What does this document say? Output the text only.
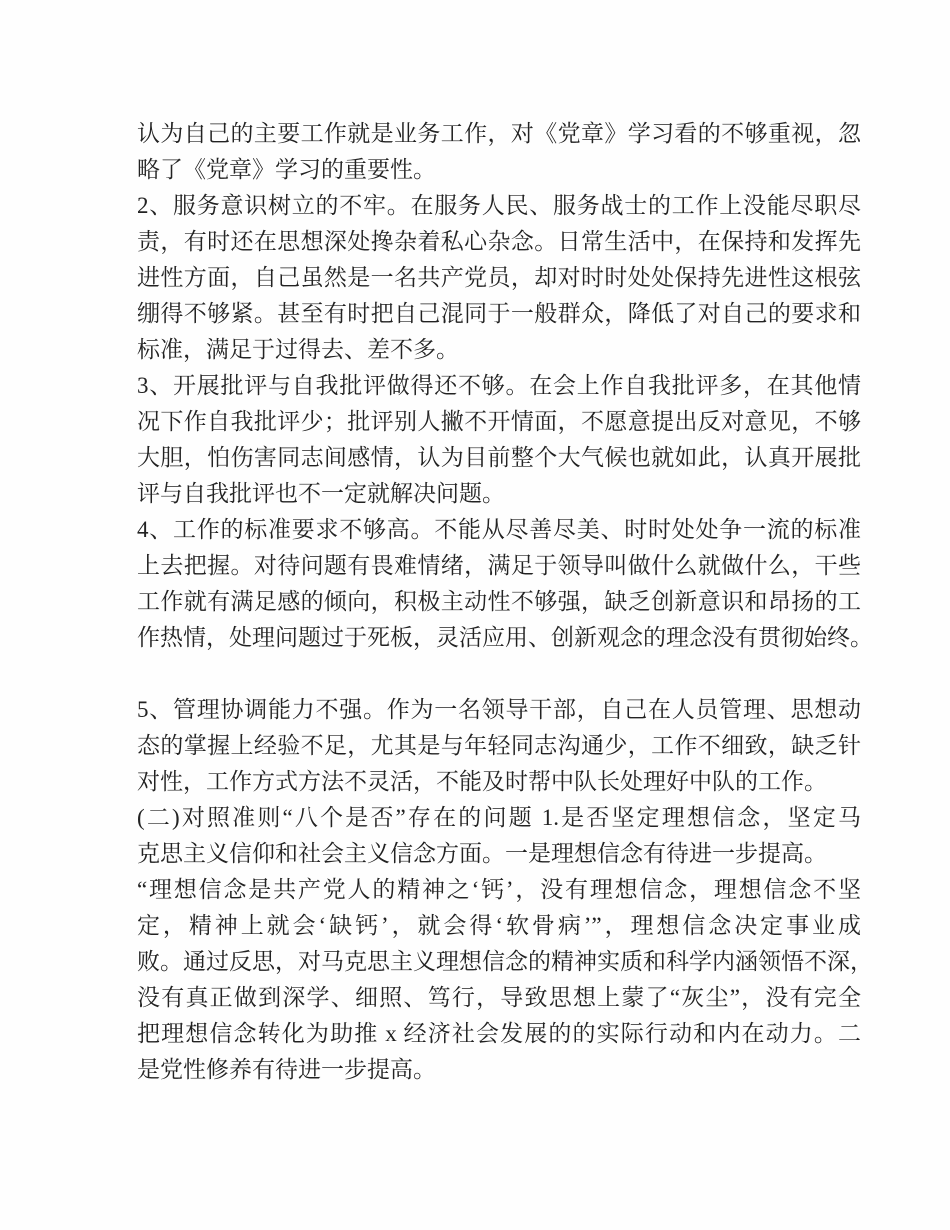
认为自己的主要工作就是业务工作，对《党章》学习看的不够重视，忽
略了《党章》学习的重要性。
2、服务意识树立的不牢。在服务人民、服务战士的工作上没能尽职尽
责，有时还在思想深处搀杂着私心杂念。日常生活中，在保持和发挥先
进性方面，自己虽然是一名共产党员，却对时时处处保持先进性这根弦
绷得不够紧。甚至有时把自己混同于一般群众，降低了对自己的要求和
标准，满足于过得去、差不多。
3、开展批评与自我批评做得还不够。在会上作自我批评多，在其他情
况下作自我批评少；批评别人撇不开情面，不愿意提出反对意见，不够
大胆，怕伤害同志间感情，认为目前整个大气候也就如此，认真开展批
评与自我批评也不一定就解决问题。
4、工作的标准要求不够高。不能从尽善尽美、时时处处争一流的标准
上去把握。对待问题有畏难情绪，满足于领导叫做什么就做什么，干些
工作就有满足感的倾向，积极主动性不够强，缺乏创新意识和昂扬的工
作热情，处理问题过于死板，灵活应用、创新观念的理念没有贯彻始终。
5、管理协调能力不强。作为一名领导干部，自己在人员管理、思想动
态的掌握上经验不足，尤其是与年轻同志沟通少，工作不细致，缺乏针
对性，工作方式方法不灵活，不能及时帮中队长处理好中队的工作。
(二)对照准则“八个是否”存在的问题 1.是否坚定理想信念，坚定马
克思主义信仰和社会主义信念方面。一是理想信念有待进一步提高。
“理想信念是共产党人的精神之‘钙’，没有理想信念，理想信念不坚
定，精神上就会‘缺钙’，就会得‘软骨病’”，理想信念决定事业成
败。通过反思，对马克思主义理想信念的精神实质和科学内涵领悟不深，
没有真正做到深学、细照、笃行，导致思想上蒙了“灰尘”，没有完全
把理想信念转化为助推 x 经济社会发展的的实际行动和内在动力。二
是党性修养有待进一步提高。
